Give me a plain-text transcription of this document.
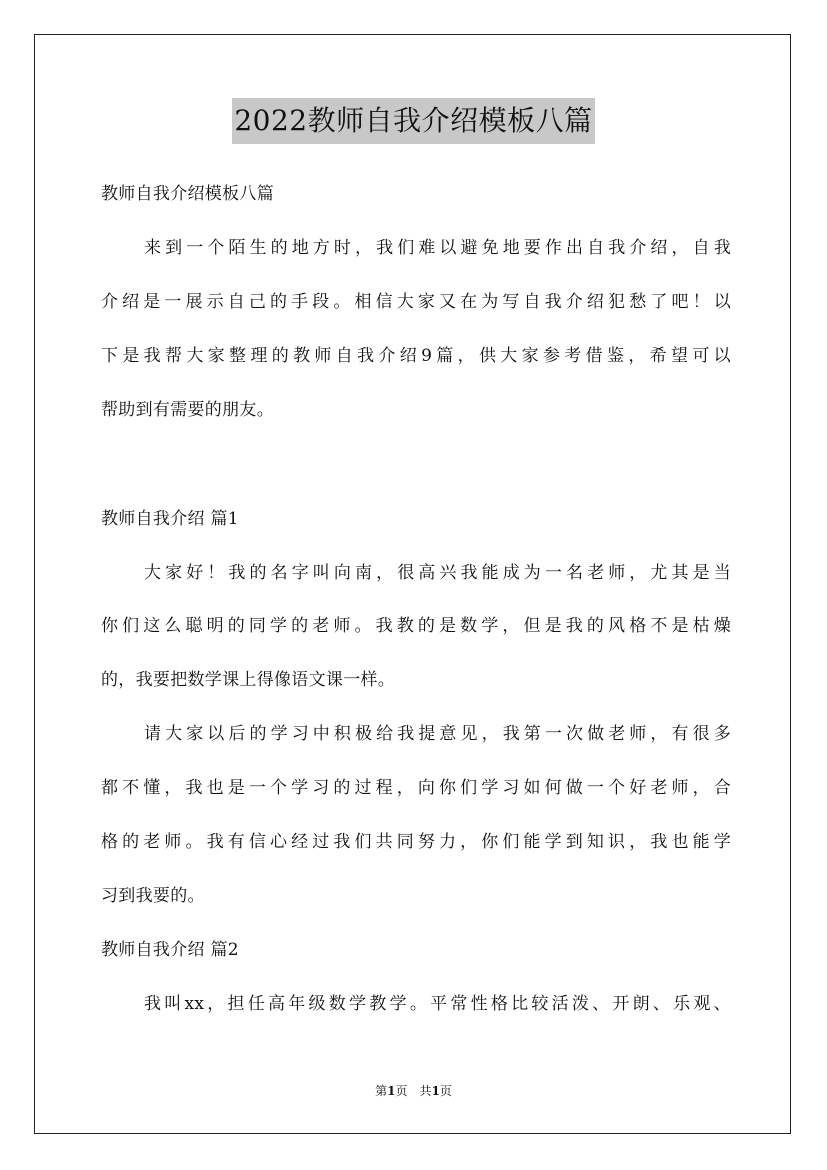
2022教师自我介绍模板八篇
教师自我介绍模板八篇
来到一个陌生的地方时，我们难以避免地要作出自我介绍，自我
介绍是一展示自己的手段。相信大家又在为写自我介绍犯愁了吧！以
下是我帮大家整理的教师自我介绍9篇，供大家参考借鉴，希望可以
帮助到有需要的朋友。
教师自我介绍 篇1
大家好！我的名字叫向南，很高兴我能成为一名老师，尤其是当
你们这么聪明的同学的老师。我教的是数学，但是我的风格不是枯燥
的，我要把数学课上得像语文课一样。
请大家以后的学习中积极给我提意见，我第一次做老师，有很多
都不懂，我也是一个学习的过程，向你们学习如何做一个好老师，合
格的老师。我有信心经过我们共同努力，你们能学到知识，我也能学
习到我要的。
教师自我介绍 篇2
我叫xx，担任高年级数学教学。平常性格比较活泼、开朗、乐观、
第1页　共1页
